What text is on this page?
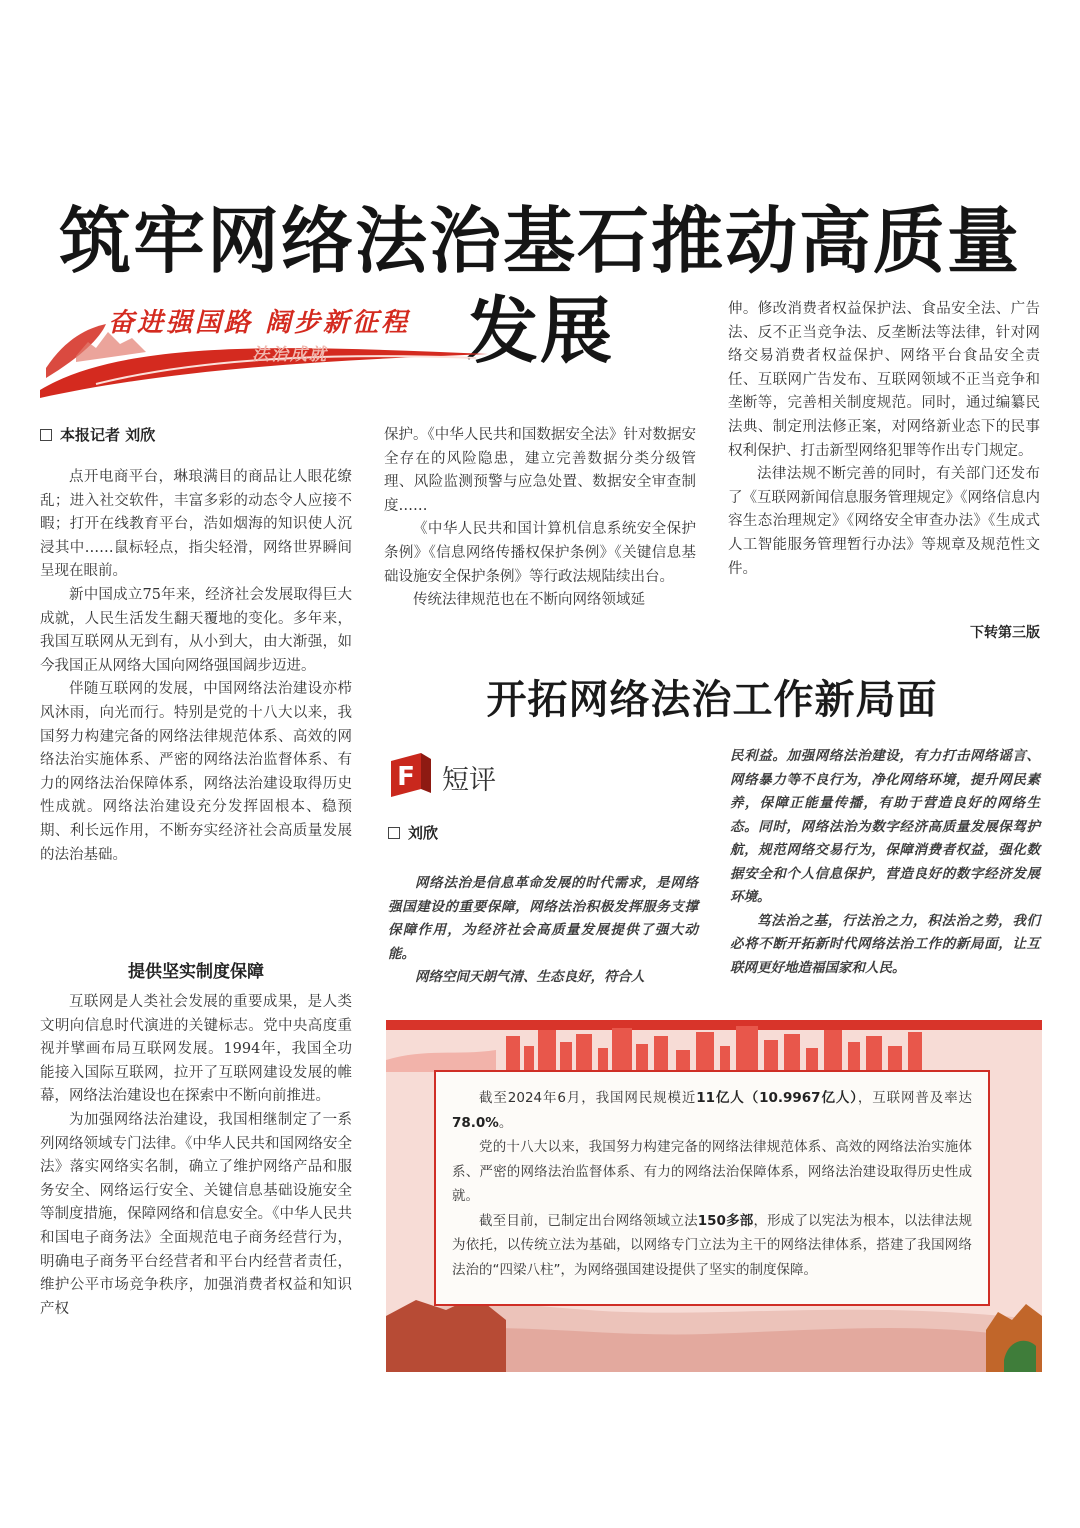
筑牢网络法治基石推动高质量发展
奋进强国路 阔步新征程
法治成就
本报记者 刘欣

点开电商平台，琳琅满目的商品让人眼花缭乱；进入社交软件，丰富多彩的动态令人应接不暇；打开在线教育平台，浩如烟海的知识使人沉浸其中……鼠标轻点，指尖轻滑，网络世界瞬间呈现在眼前。

新中国成立75年来，经济社会发展取得巨大成就，人民生活发生翻天覆地的变化。多年来，我国互联网从无到有，从小到大，由大渐强，如今我国正从网络大国向网络强国阔步迈进。

伴随互联网的发展，中国网络法治建设亦栉风沐雨，向光而行。特别是党的十八大以来，我国努力构建完备的网络法律规范体系、高效的网络法治实施体系、严密的网络法治监督体系、有力的网络法治保障体系，网络法治建设取得历史性成就。网络法治建设充分发挥固根本、稳预期、利长远作用，不断夯实经济社会高质量发展的法治基础。

提供坚实制度保障

互联网是人类社会发展的重要成果，是人类文明向信息时代演进的关键标志。党中央高度重视并擘画布局互联网发展。1994年，我国全功能接入国际互联网，拉开了互联网建设发展的帷幕，网络法治建设也在探索中不断向前推进。

为加强网络法治建设，我国相继制定了一系列网络领域专门法律。《中华人民共和国网络安全法》落实网络实名制，确立了维护网络产品和服务安全、网络运行安全、关键信息基础设施安全等制度措施，保障网络和信息安全。《中华人民共和国电子商务法》全面规范电子商务经营行为，明确电子商务平台经营者和平台内经营者责任，维护公平市场竞争秩序，加强消费者权益和知识产权

保护。《中华人民共和国数据安全法》针对数据安全存在的风险隐患，建立完善数据分类分级管理、风险监测预警与应急处置、数据安全审查制度……

《中华人民共和国计算机信息系统安全保护条例》《信息网络传播权保护条例》《关键信息基础设施安全保护条例》等行政法规陆续出台。

传统法律规范也在不断向网络领域延

伸。修改消费者权益保护法、食品安全法、广告法、反不正当竞争法、反垄断法等法律，针对网络交易消费者权益保护、网络平台食品安全责任、互联网广告发布、互联网领域不正当竞争和垄断等，完善相关制度规范。同时，通过编纂民法典、制定刑法修正案，对网络新业态下的民事权利保护、打击新型网络犯罪等作出专门规定。

法律法规不断完善的同时，有关部门还发布了《互联网新闻信息服务管理规定》《网络信息内容生态治理规定》《网络安全审查办法》《生成式人工智能服务管理暂行办法》等规章及规范性文件。

下转第三版
开拓网络法治工作新局面
F 短评
刘欣

网络法治是信息革命发展的时代需求，是网络强国建设的重要保障，网络法治积极发挥服务支撑保障作用，为经济社会高质量发展提供了强大动能。

网络空间天朗气清、生态良好，符合人

民利益。加强网络法治建设，有力打击网络谣言、网络暴力等不良行为，净化网络环境，提升网民素养，保障正能量传播，有助于营造良好的网络生态。同时，网络法治为数字经济高质量发展保驾护航，规范网络交易行为，保障消费者权益，强化数据安全和个人信息保护，营造良好的数字经济发展环境。

笃法治之基，行法治之力，积法治之势，我们必将不断开拓新时代网络法治工作的新局面，让互联网更好地造福国家和人民。

截至2024年6月，我国网民规模近11亿人（10.9967亿人），互联网普及率达78.0%。

党的十八大以来，我国努力构建完备的网络法律规范体系、高效的网络法治实施体系、严密的网络法治监督体系、有力的网络法治保障体系，网络法治建设取得历史性成就。

截至目前，已制定出台网络领域立法150多部，形成了以宪法为根本，以法律法规为依托，以传统立法为基础，以网络专门立法为主干的网络法律体系，搭建了我国网络法治的“四梁八柱”，为网络强国建设提供了坚实的制度保障。
